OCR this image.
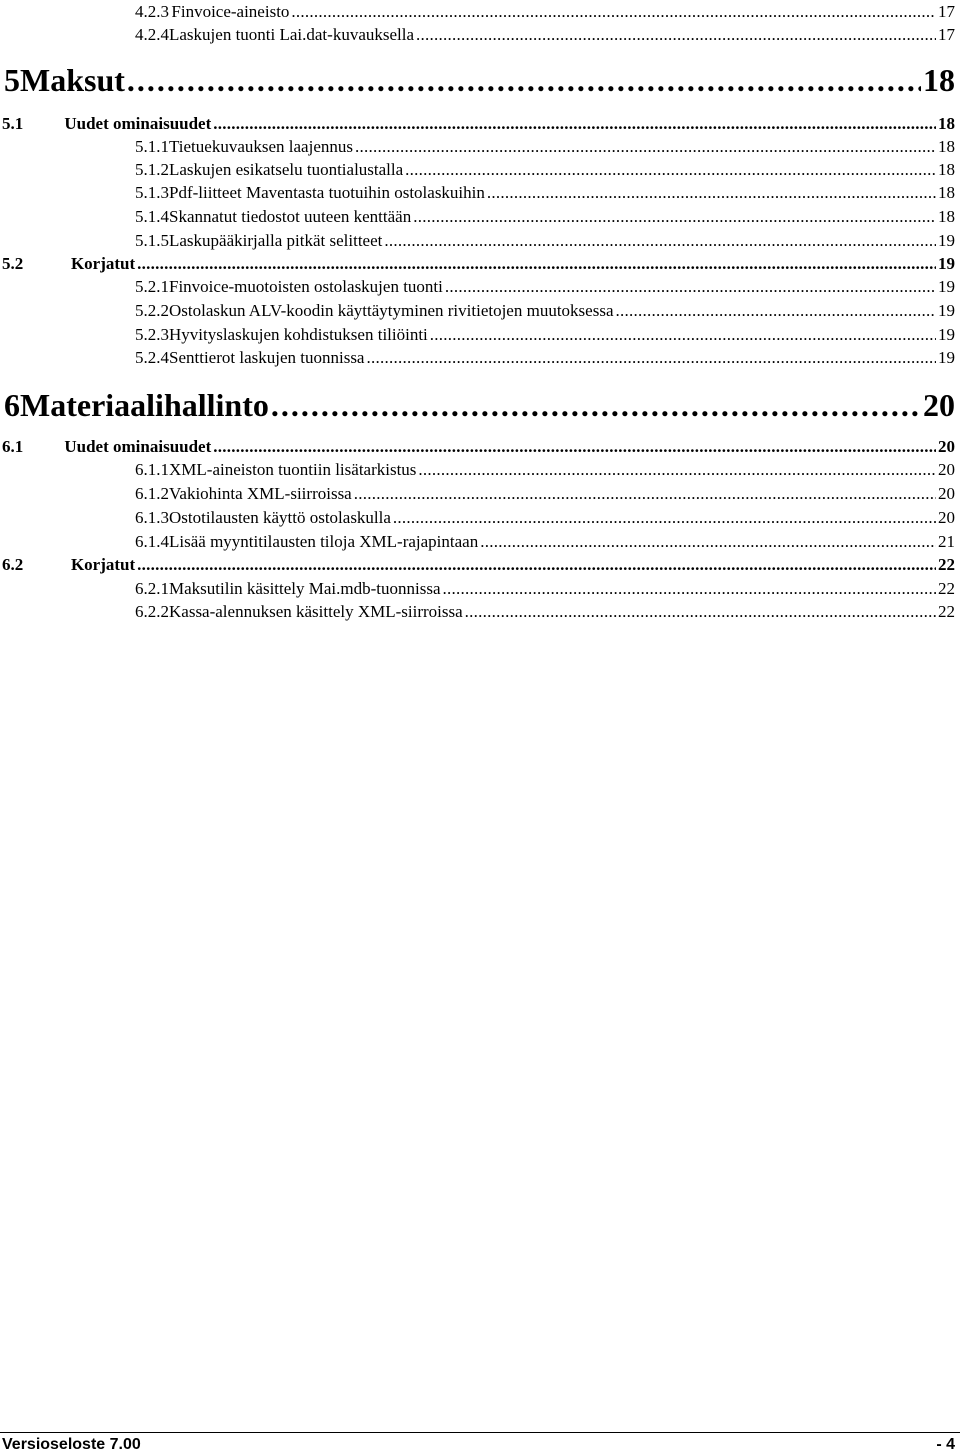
4.2.3 Finvoice-aineisto . . .	17
4.2.4 Laskujen tuonti Lai.dat-kuvauksella . . .	17
5 Maksut . . .	18
5.1	Uudet ominaisuudet . . .	18
5.1.1 Tietuekuvauksen laajennus . . .	18
5.1.2 Laskujen esikatselu tuontialustalla . . .	18
5.1.3 Pdf-liitteet Maventasta tuotuihin ostolaskuihin . . .	18
5.1.4 Skannatut tiedostot uuteen kenttään . . .	18
5.1.5 Laskupääkirjalla pitkät selitteet . . .	19
5.2	Korjatut . . .	19
5.2.1 Finvoice-muotoisten ostolaskujen tuonti . . .	19
5.2.2 Ostolaskun ALV-koodin käyttäytyminen rivitietojen muutoksessa . . .	19
5.2.3 Hyvityslaskujen kohdistuksen tiliöinti . . .	19
5.2.4 Senttierot laskujen tuonnissa . . .	19
6 Materiaalihallinto . . .	20
6.1	Uudet ominaisuudet . . .	20
6.1.1 XML-aineiston tuontiin lisätarkistus . . .	20
6.1.2 Vakiohinta XML-siirroissa . . .	20
6.1.3 Ostotilausten käyttö ostolaskulla . . .	20
6.1.4 Lisää myyntitilausten tiloja XML-rajapintaan . . .	21
6.2	Korjatut . . .	22
6.2.1 Maksutilin käsittely Mai.mdb-tuonnissa . . .	22
6.2.2 Kassa-alennuksen käsittely XML-siirroissa . . .	22
Versioseloste 7.00	- 4
